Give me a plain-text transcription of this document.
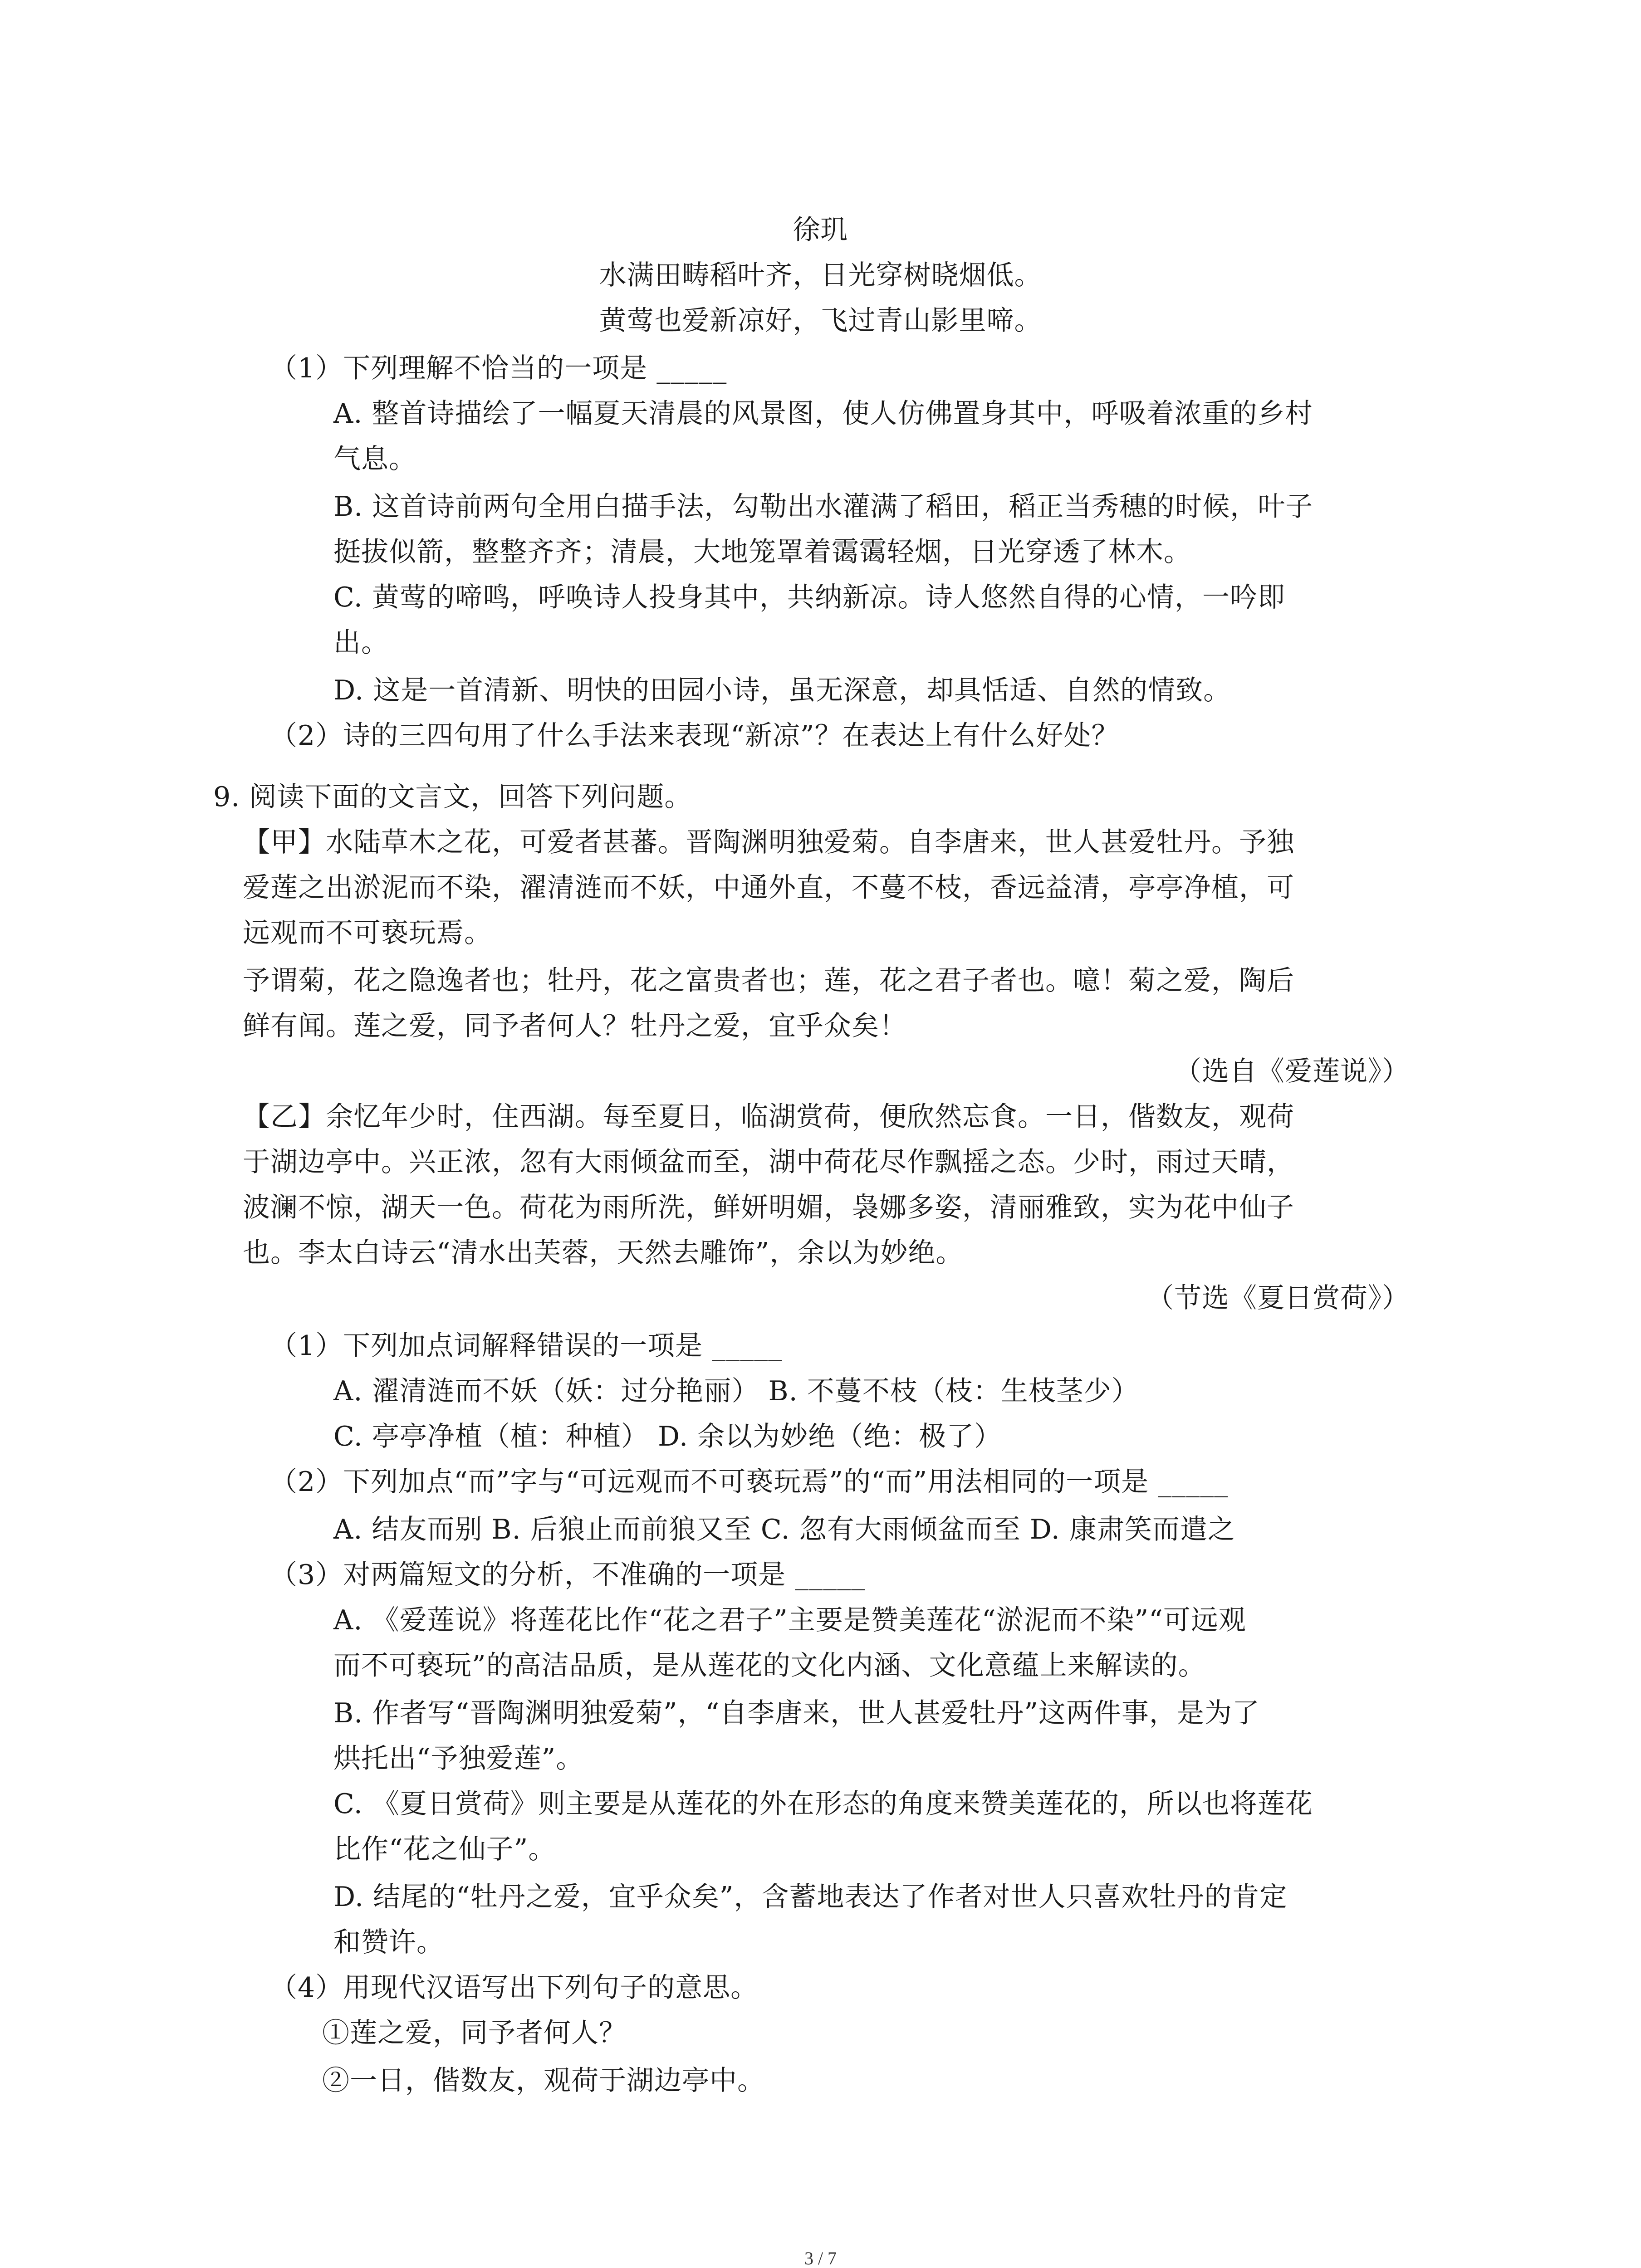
徐玑

水满田畴稻叶齐，日光穿树晓烟低。

黄莺也爱新凉好，飞过青山影里啼。

（1）下列理解不恰当的一项是 _____

A. 整首诗描绘了一幅夏天清晨的风景图，使人仿佛置身其中，呼吸着浓重的乡村

气息。

B. 这首诗前两句全用白描手法，勾勒出水灌满了稻田，稻正当秀穗的时候，叶子

挺拔似箭，整整齐齐；清晨，大地笼罩着霭霭轻烟，日光穿透了林木。

C. 黄莺的啼鸣，呼唤诗人投身其中，共纳新凉。诗人悠然自得的心情，一吟即

出。

D. 这是一首清新、明快的田园小诗，虽无深意，却具恬适、自然的情致。

（2）诗的三四句用了什么手法来表现“新凉”？在表达上有什么好处？

9. 阅读下面的文言文，回答下列问题。

【甲】水陆草木之花，可爱者甚蕃。晋陶渊明独爱菊。自李唐来，世人甚爱牡丹。予独

爱莲之出淤泥而不染，濯清涟而不妖，中通外直，不蔓不枝，香远益清，亭亭净植，可

远观而不可亵玩焉。

予谓菊，花之隐逸者也；牡丹，花之富贵者也；莲，花之君子者也。噫！菊之爱，陶后

鲜有闻。莲之爱，同予者何人？牡丹之爱，宜乎众矣！

（选自《爱莲说》）

【乙】余忆年少时，住西湖。每至夏日，临湖赏荷，便欣然忘食。一日，偕数友，观荷

于湖边亭中。兴正浓，忽有大雨倾盆而至，湖中荷花尽作飘摇之态。少时，雨过天晴，

波澜不惊，湖天一色。荷花为雨所洗，鲜妍明媚，袅娜多姿，清丽雅致，实为花中仙子

也。李太白诗云“清水出芙蓉，天然去雕饰”，余以为妙绝。

（节选《夏日赏荷》）

（1）下列加点词解释错误的一项是 _____

A. 濯清涟而不妖（妖：过分艳丽） B. 不蔓不枝（枝：生枝茎少）

C. 亭亭净植（植：种植） D. 余以为妙绝（绝：极了）

（2）下列加点“而”字与“可远观而不可亵玩焉”的“而”用法相同的一项是 _____

A. 结友而别 B. 后狼止而前狼又至 C. 忽有大雨倾盆而至 D. 康肃笑而遣之

（3）对两篇短文的分析，不准确的一项是 _____

A. 《爱莲说》将莲花比作“花之君子”主要是赞美莲花“淤泥而不染”“可远观

而不可亵玩”的高洁品质，是从莲花的文化内涵、文化意蕴上来解读的。

B. 作者写“晋陶渊明独爱菊”，“自李唐来，世人甚爱牡丹”这两件事，是为了

烘托出“予独爱莲”。

C. 《夏日赏荷》则主要是从莲花的外在形态的角度来赞美莲花的，所以也将莲花

比作“花之仙子”。

D. 结尾的“牡丹之爱，宜乎众矣”，含蓄地表达了作者对世人只喜欢牡丹的肯定

和赞许。

（4）用现代汉语写出下列句子的意思。

①莲之爱，同予者何人？

②一日，偕数友，观荷于湖边亭中。

3 / 7
